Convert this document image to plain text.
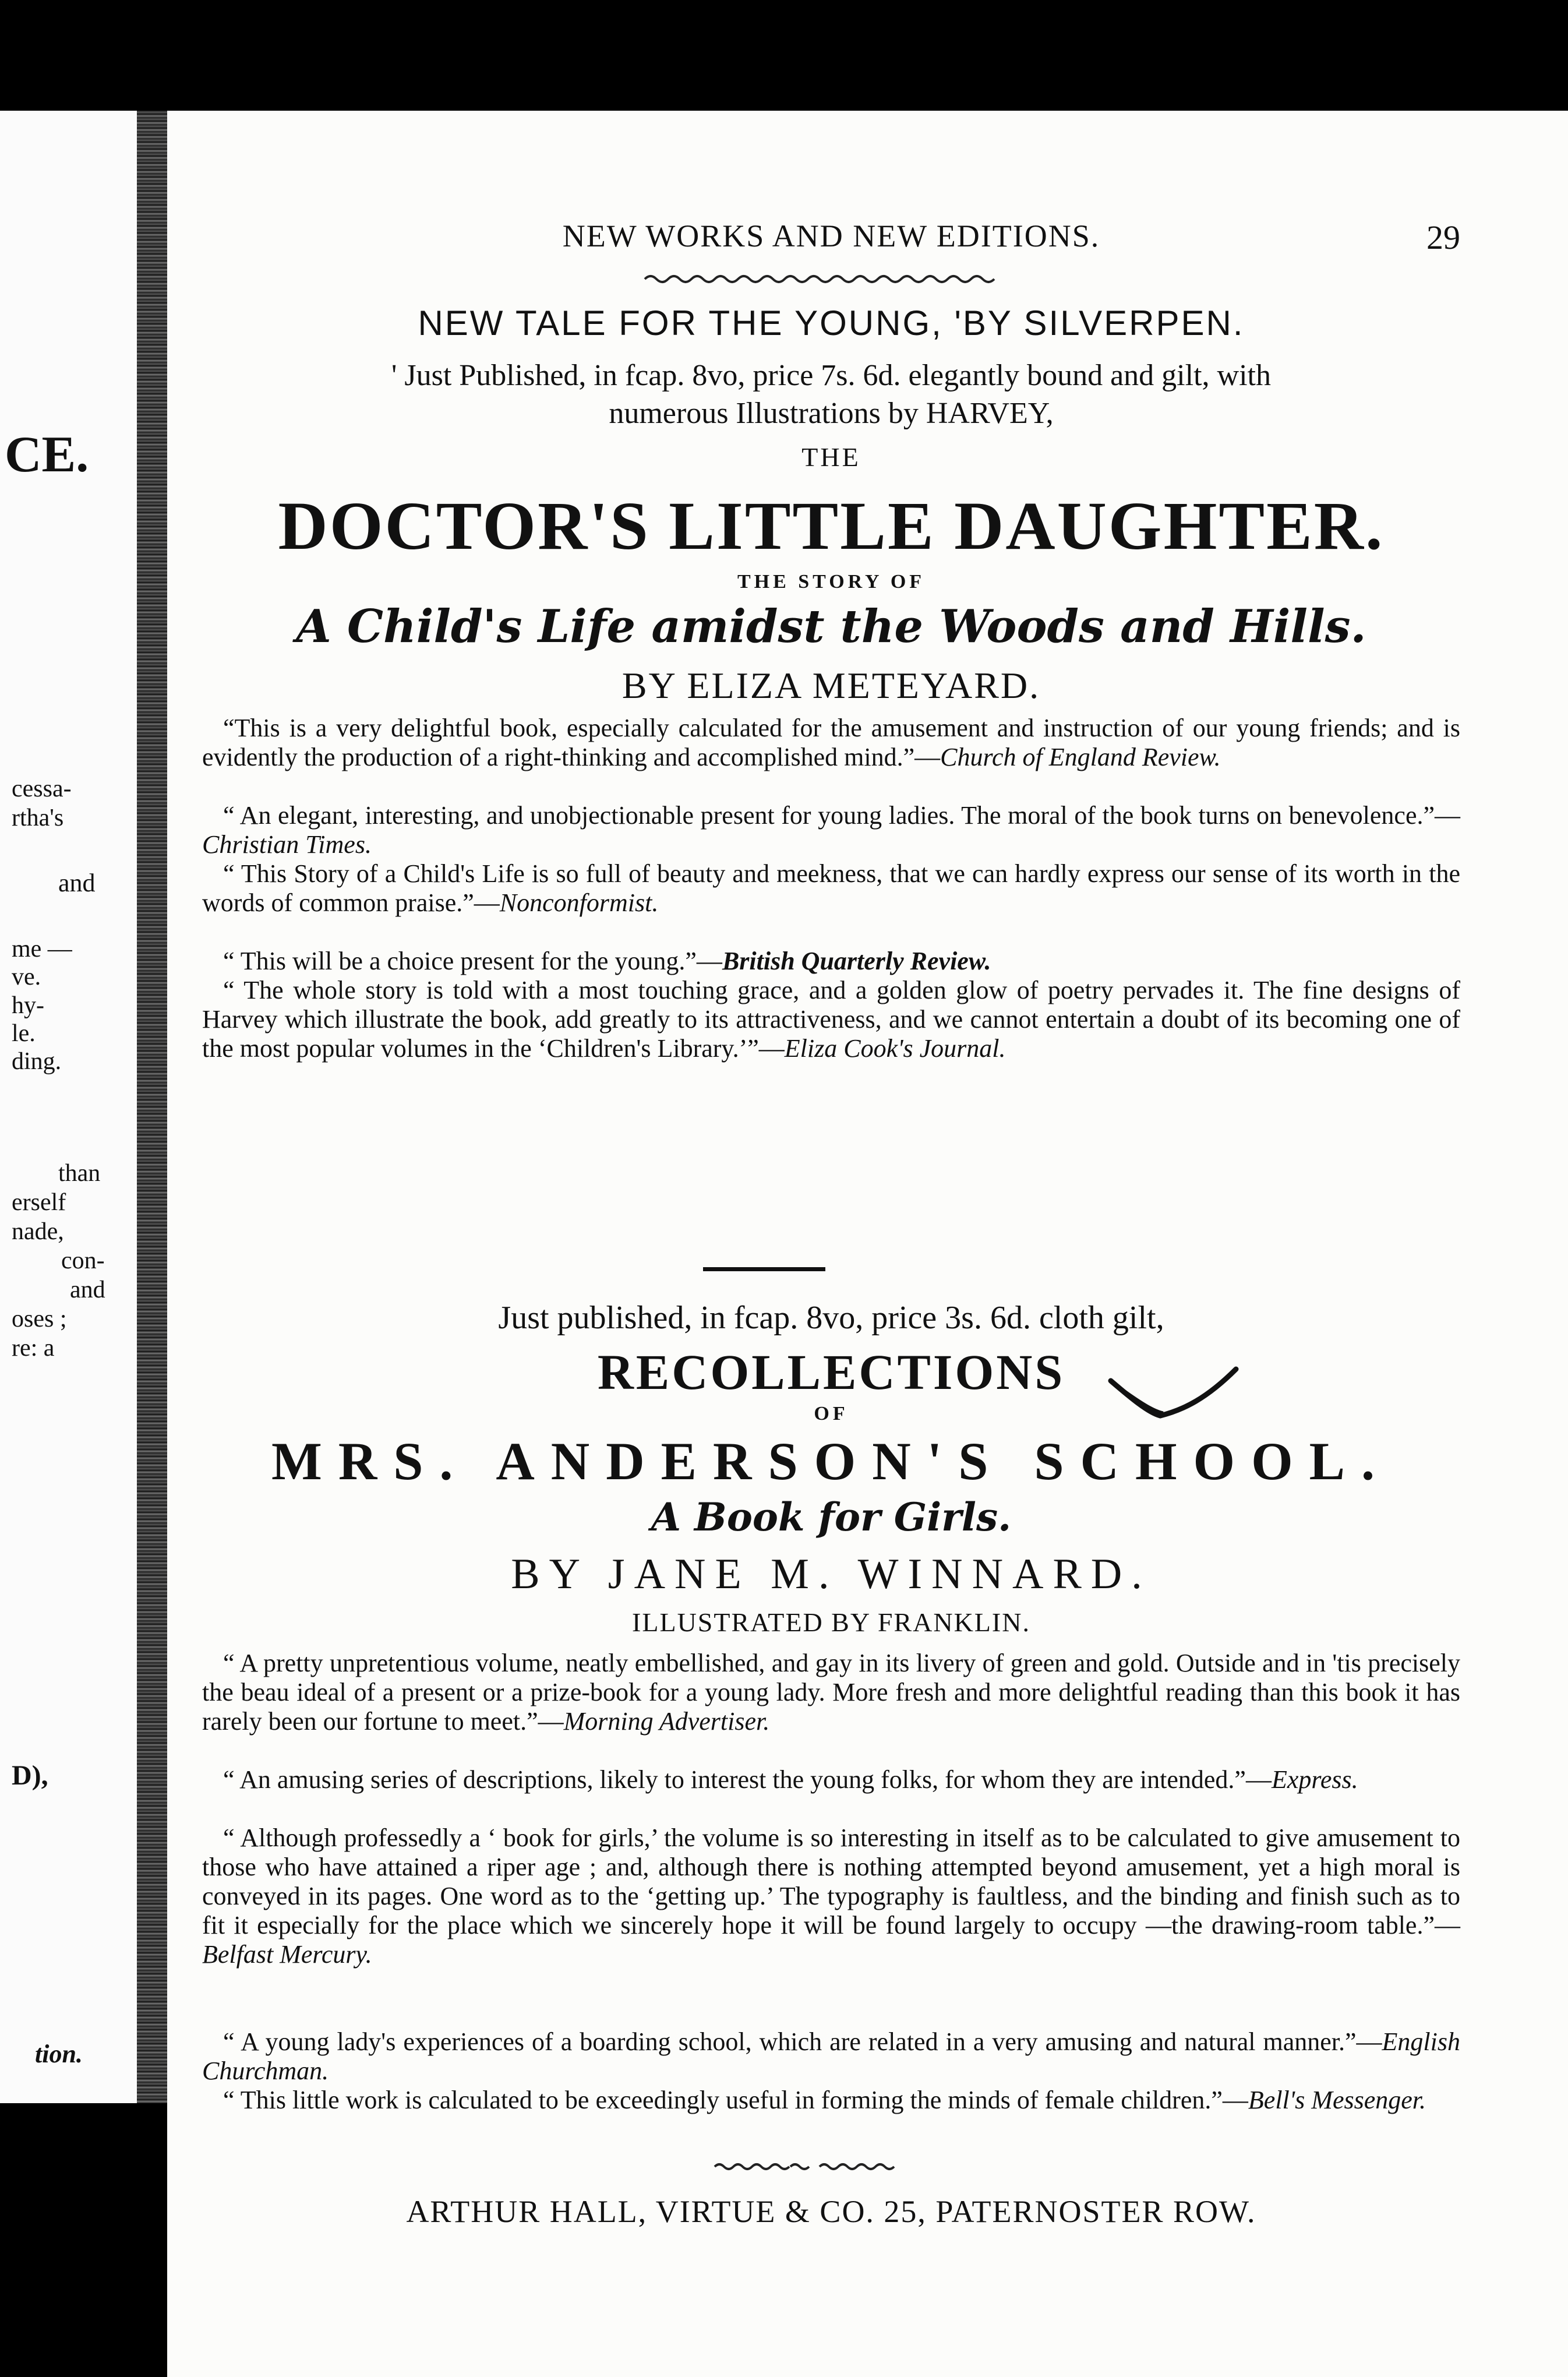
CE.
cessa-
rtha's
and
me —
ve.
hy-
le.
ding.
than
erself
nade,
con-
and
oses ;
re: a
D),
tion.
NEW WORKS AND NEW EDITIONS.	29
NEW TALE FOR THE YOUNG, 'BY SILVERPEN.
' Just Published, in fcap. 8vo, price 7s. 6d. elegantly bound and gilt, with
numerous Illustrations by HARVEY,
THE
DOCTOR'S LITTLE DAUGHTER.
THE STORY OF
A Child's Life amidst the Woods and Hills.
BY ELIZA METEYARD.
“This is a very delightful book, especially calculated for the amusement and instruction of our young friends; and is evidently the production of a right-thinking and accomplished mind.”—Church of England Review.
“ An elegant, interesting, and unobjectionable present for young ladies. The moral of the book turns on benevolence.”—Christian Times.
“ This Story of a Child's Life is so full of beauty and meekness, that we can hardly express our sense of its worth in the words of common praise.”—Nonconformist.
“ This will be a choice present for the young.”—British Quarterly Review.
“ The whole story is told with a most touching grace, and a golden glow of poetry pervades it. The fine designs of Harvey which illustrate the book, add greatly to its attractiveness, and we cannot entertain a doubt of its becoming one of the most popular volumes in the ‘Children's Library.’”—Eliza Cook's Journal.
Just published, in fcap. 8vo, price 3s. 6d. cloth gilt,
RECOLLECTIONS
OF
MRS. ANDERSON'S SCHOOL.
A Book for Girls.
BY JANE M. WINNARD.
ILLUSTRATED BY FRANKLIN.
“ A pretty unpretentious volume, neatly embellished, and gay in its livery of green and gold. Outside and in 'tis precisely the beau ideal of a present or a prize-book for a young lady. More fresh and more delightful reading than this book it has rarely been our fortune to meet.”—Morning Advertiser.
“ An amusing series of descriptions, likely to interest the young folks, for whom they are intended.”—Express.
“ Although professedly a ‘ book for girls,’ the volume is so interesting in itself as to be calculated to give amusement to those who have attained a riper age ; and, although there is nothing attempted beyond amusement, yet a high moral is conveyed in its pages. One word as to the ‘getting up.’ The typography is faultless, and the binding and finish such as to fit it especially for the place which we sincerely hope it will be found largely to occupy —the drawing-room table.”—Belfast Mercury.
“ A young lady's experiences of a boarding school, which are related in a very amusing and natural manner.”—English Churchman.
“ This little work is calculated to be exceedingly useful in forming the minds of female children.”—Bell's Messenger.
ARTHUR HALL, VIRTUE & CO. 25, PATERNOSTER ROW.
